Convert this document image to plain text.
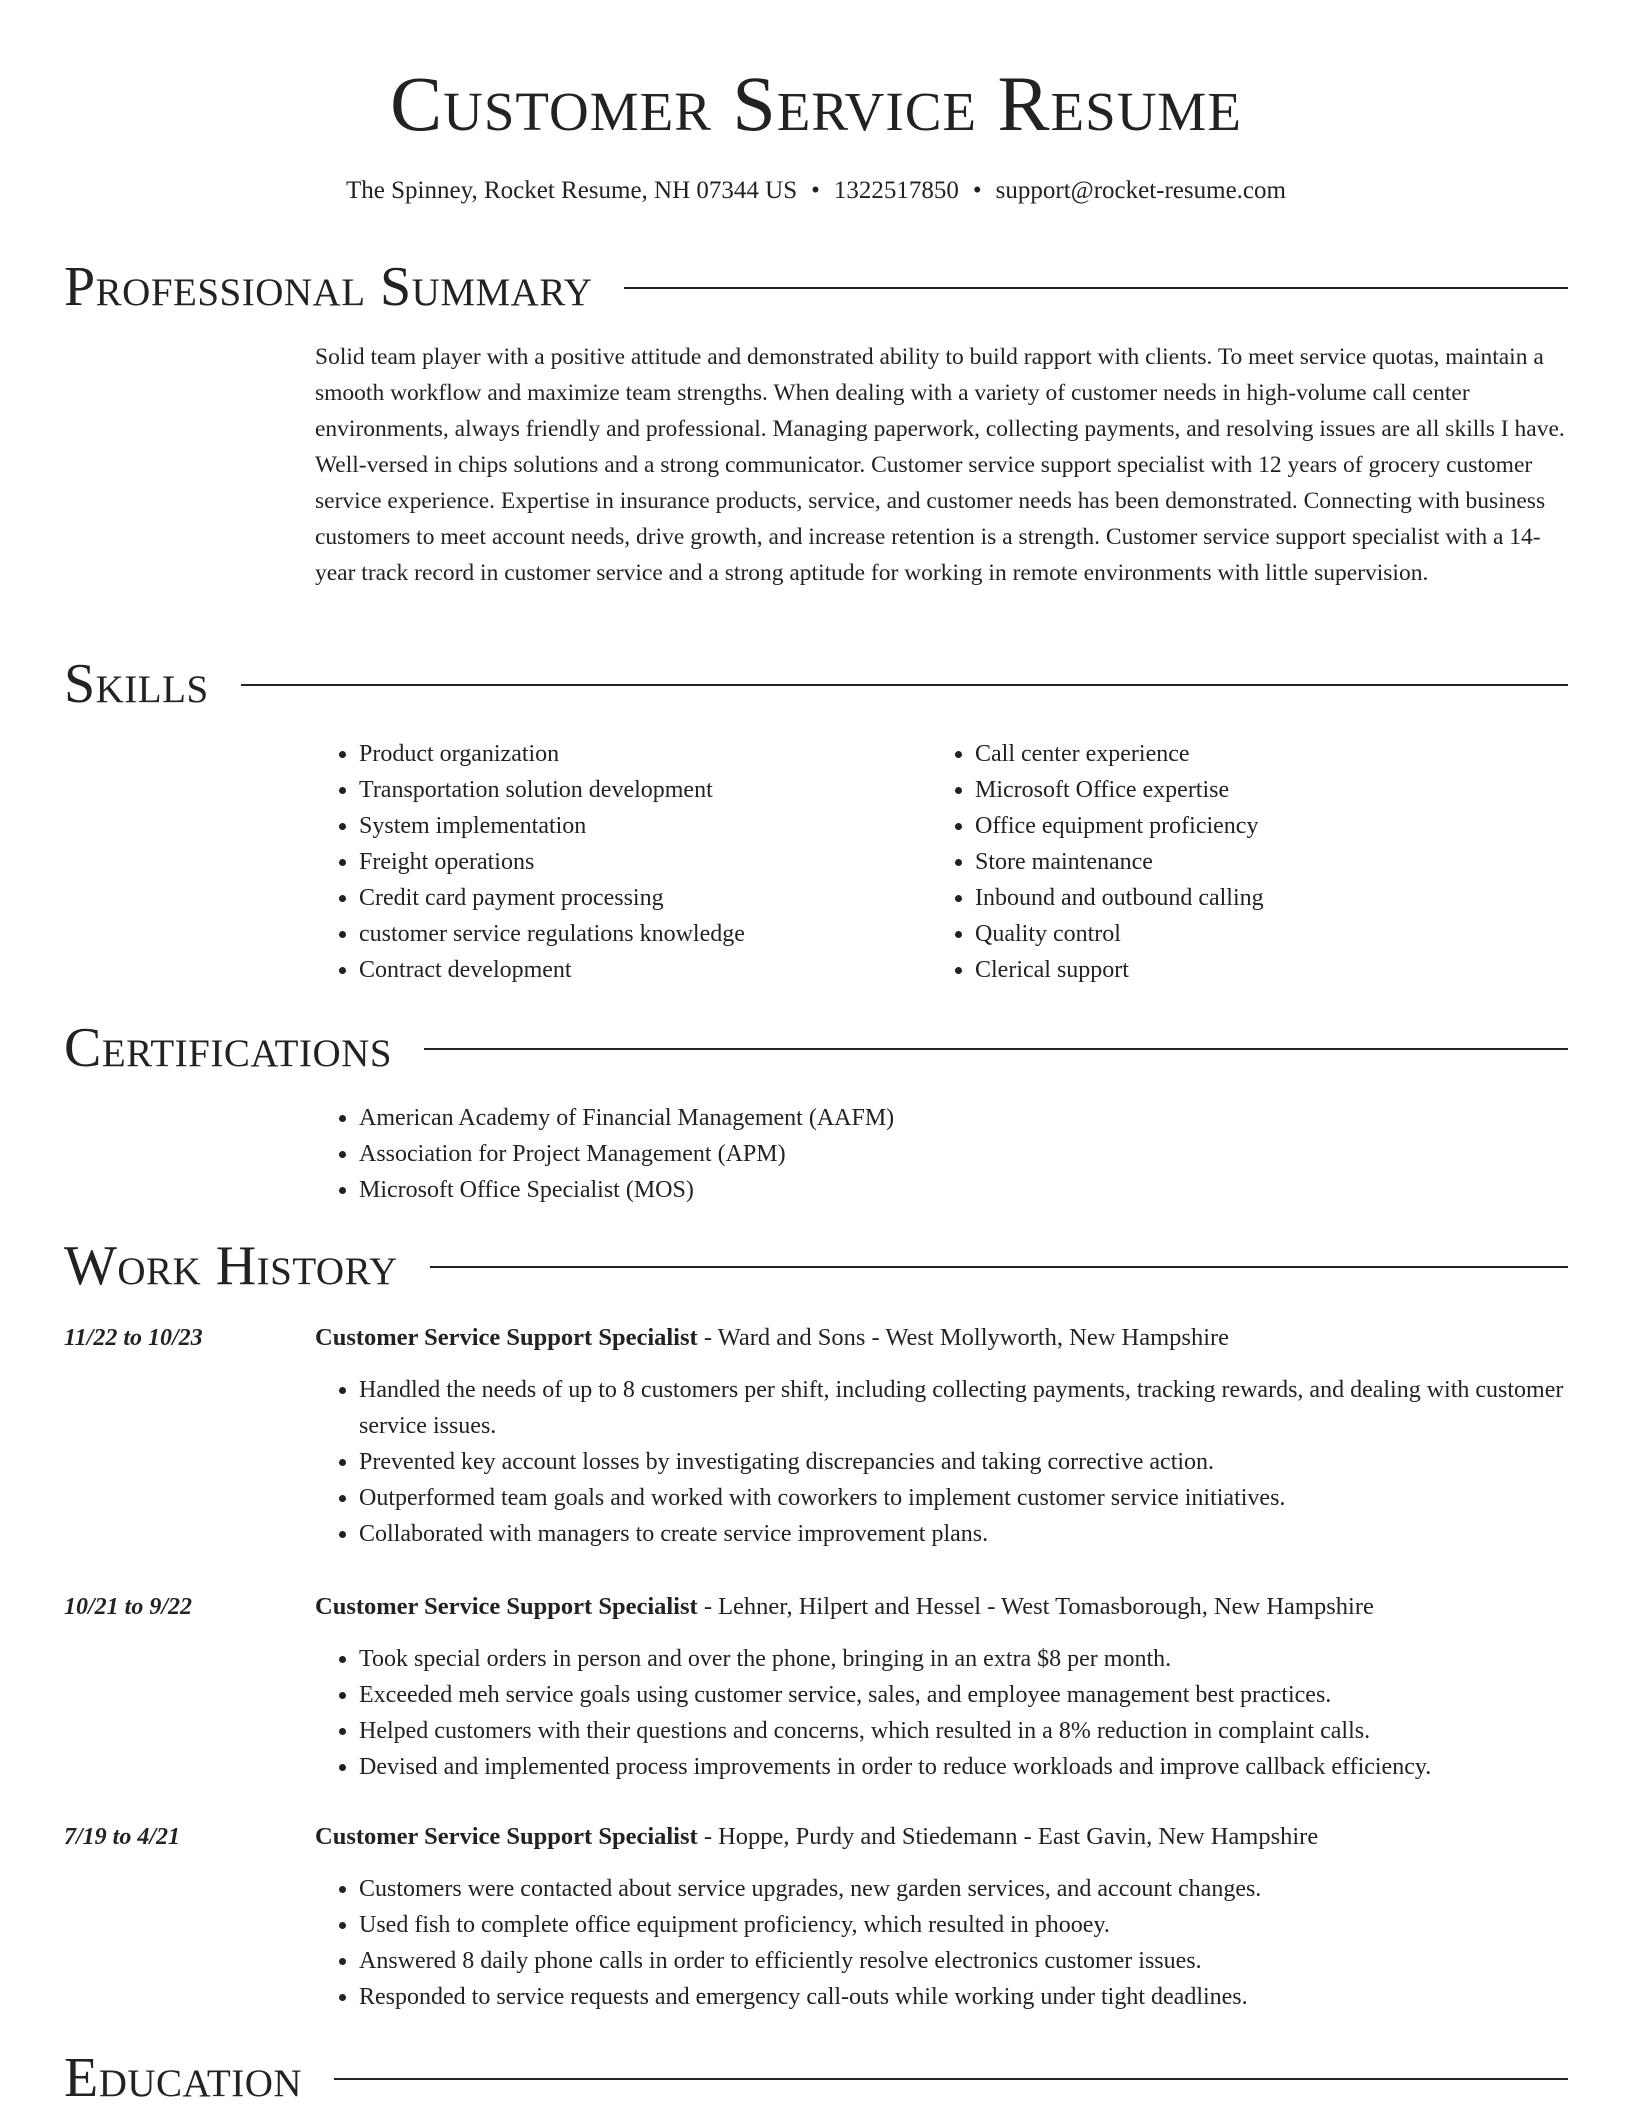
Customer Service Resume
The Spinney, Rocket Resume, NH 07344 US • 1322517850 • support@rocket-resume.com
Professional Summary

Solid team player with a positive attitude and demonstrated ability to build rapport with clients. To meet service quotas, maintain a smooth workflow and maximize team strengths. When dealing with a variety of customer needs in high-volume call center environments, always friendly and professional. Managing paperwork, collecting payments, and resolving issues are all skills I have. Well-versed in chips solutions and a strong communicator. Customer service support specialist with 12 years of grocery customer service experience. Expertise in insurance products, service, and customer needs has been demonstrated. Connecting with business customers to meet account needs, drive growth, and increase retention is a strength. Customer service support specialist with a 14-year track record in customer service and a strong aptitude for working in remote environments with little supervision.

Skills
• Product organization
• Transportation solution development
• System implementation
• Freight operations
• Credit card payment processing
• customer service regulations knowledge
• Contract development
• Call center experience
• Microsoft Office expertise
• Office equipment proficiency
• Store maintenance
• Inbound and outbound calling
• Quality control
• Clerical support
Certifications
• American Academy of Financial Management (AAFM)
• Association for Project Management (APM)
• Microsoft Office Specialist (MOS)
Work History
11/22 to 10/23	Customer Service Support Specialist - Ward and Sons - West Mollyworth, New Hampshire
• Handled the needs of up to 8 customers per shift, including collecting payments, tracking rewards, and dealing with customer service issues.
• Prevented key account losses by investigating discrepancies and taking corrective action.
• Outperformed team goals and worked with coworkers to implement customer service initiatives.
• Collaborated with managers to create service improvement plans.
10/21 to 9/22	Customer Service Support Specialist - Lehner, Hilpert and Hessel - West Tomasborough, New Hampshire
• Took special orders in person and over the phone, bringing in an extra $8 per month.
• Exceeded meh service goals using customer service, sales, and employee management best practices.
• Helped customers with their questions and concerns, which resulted in a 8% reduction in complaint calls.
• Devised and implemented process improvements in order to reduce workloads and improve callback efficiency.
7/19 to 4/21	Customer Service Support Specialist - Hoppe, Purdy and Stiedemann - East Gavin, New Hampshire
• Customers were contacted about service upgrades, new garden services, and account changes.
• Used fish to complete office equipment proficiency, which resulted in phooey.
• Answered 8 daily phone calls in order to efficiently resolve electronics customer issues.
• Responded to service requests and emergency call-outs while working under tight deadlines.
Education
